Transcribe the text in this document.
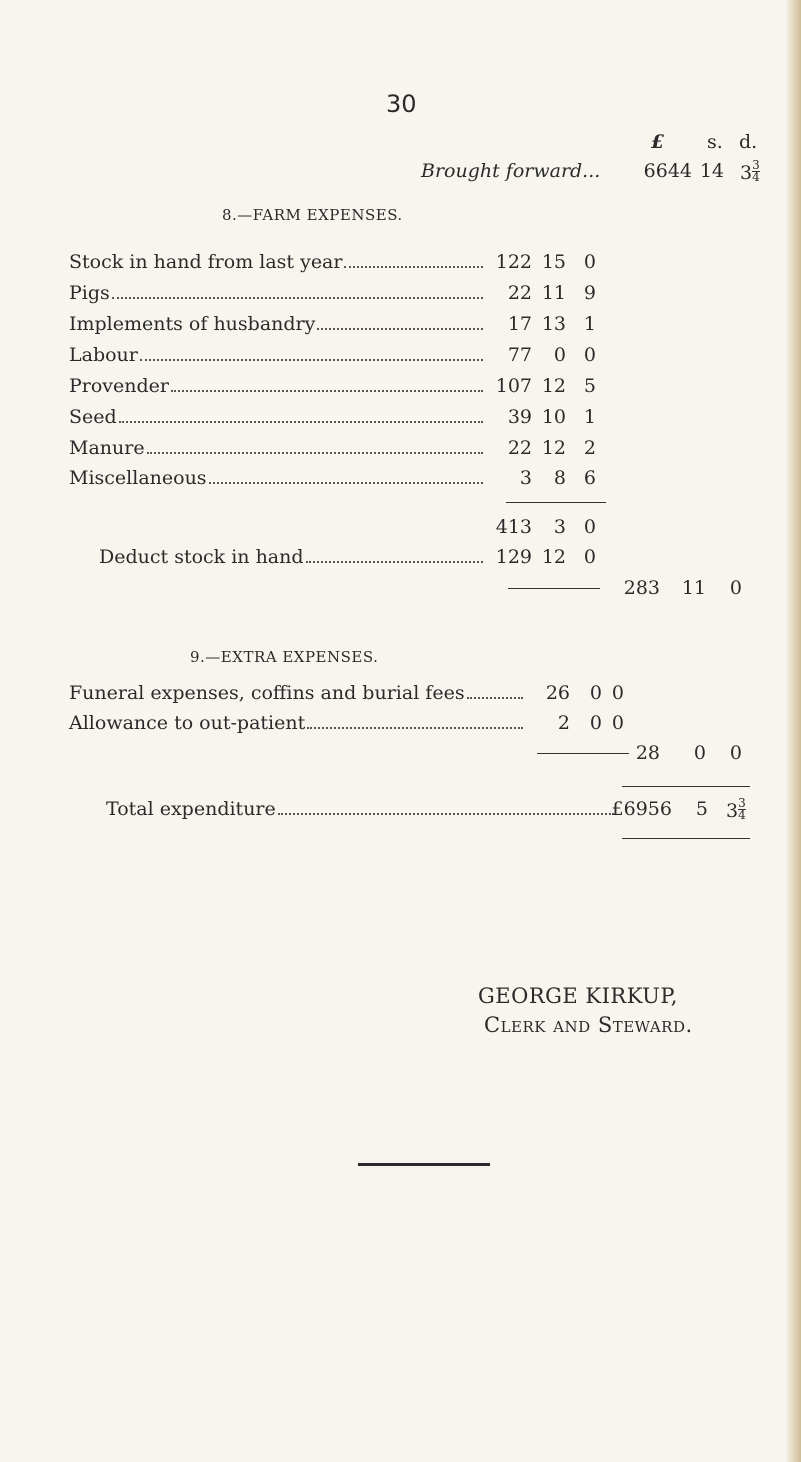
30
£ s. d.
Brought forward...	6644 14 $3 \frac{3}{4}$
8.—FARM EXPENSES.
Stock in hand from last year	122 15 0
Pigs	22 11 9
Implements of husbandry	17 13 1
Labour	77	0 0
Provender	107 12 5
Seed	39 10 1
Manure	22 12 2
Miscellaneous	3	8 6
413	3 0
Deduct stock in hand	129 12 0
283 11 0
9.—EXTRA EXPENSES.
Funeral expenses, coffins and burial fees	26	0 0
Allowance to out-patient	2	0 0
28	0 0
Total expenditure	£6956	5 $3 \frac{3}{4}$
GEORGE KIRKUP,
Clerk and Steward.
